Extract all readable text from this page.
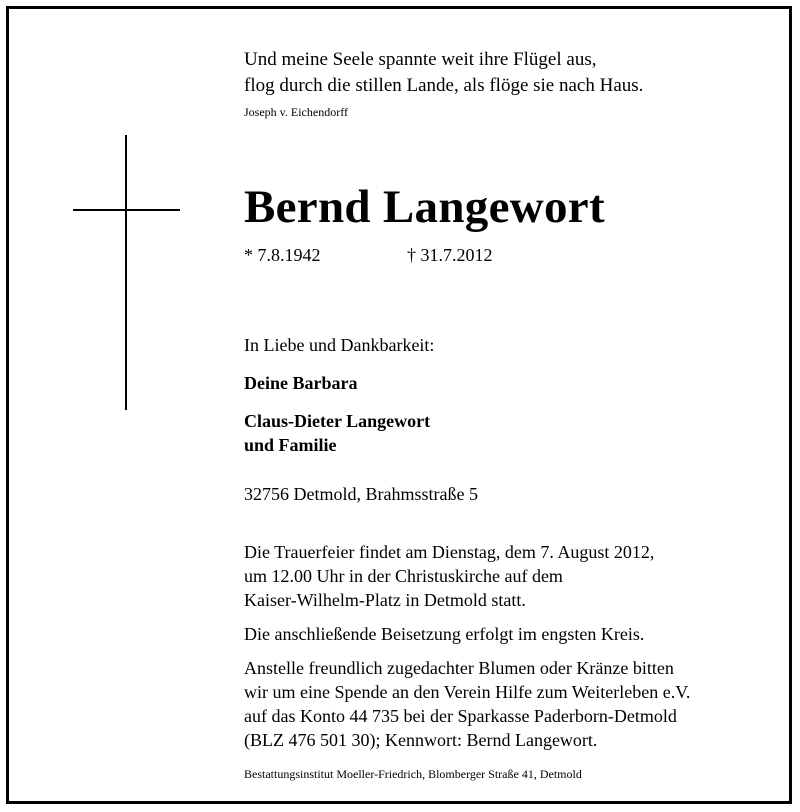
Und meine Seele spannte weit ihre Flügel aus,
flog durch die stillen Lande, als flöge sie nach Haus.
Joseph v. Eichendorff
Bernd Langewort
* 7.8.1942	† 31.7.2012
In Liebe und Dankbarkeit:
Deine Barbara
Claus-Dieter Langewort
und Familie
32756 Detmold, Brahmsstraße 5
Die Trauerfeier findet am Dienstag, dem 7. August 2012,
um 12.00 Uhr in der Christuskirche auf dem
Kaiser-Wilhelm-Platz in Detmold statt.
Die anschließende Beisetzung erfolgt im engsten Kreis.
Anstelle freundlich zugedachter Blumen oder Kränze bitten
wir um eine Spende an den Verein Hilfe zum Weiterleben e.V.
auf das Konto 44 735 bei der Sparkasse Paderborn-Detmold
(BLZ 476 501 30); Kennwort: Bernd Langewort.
Bestattungsinstitut Moeller-Friedrich, Blomberger Straße 41, Detmold
